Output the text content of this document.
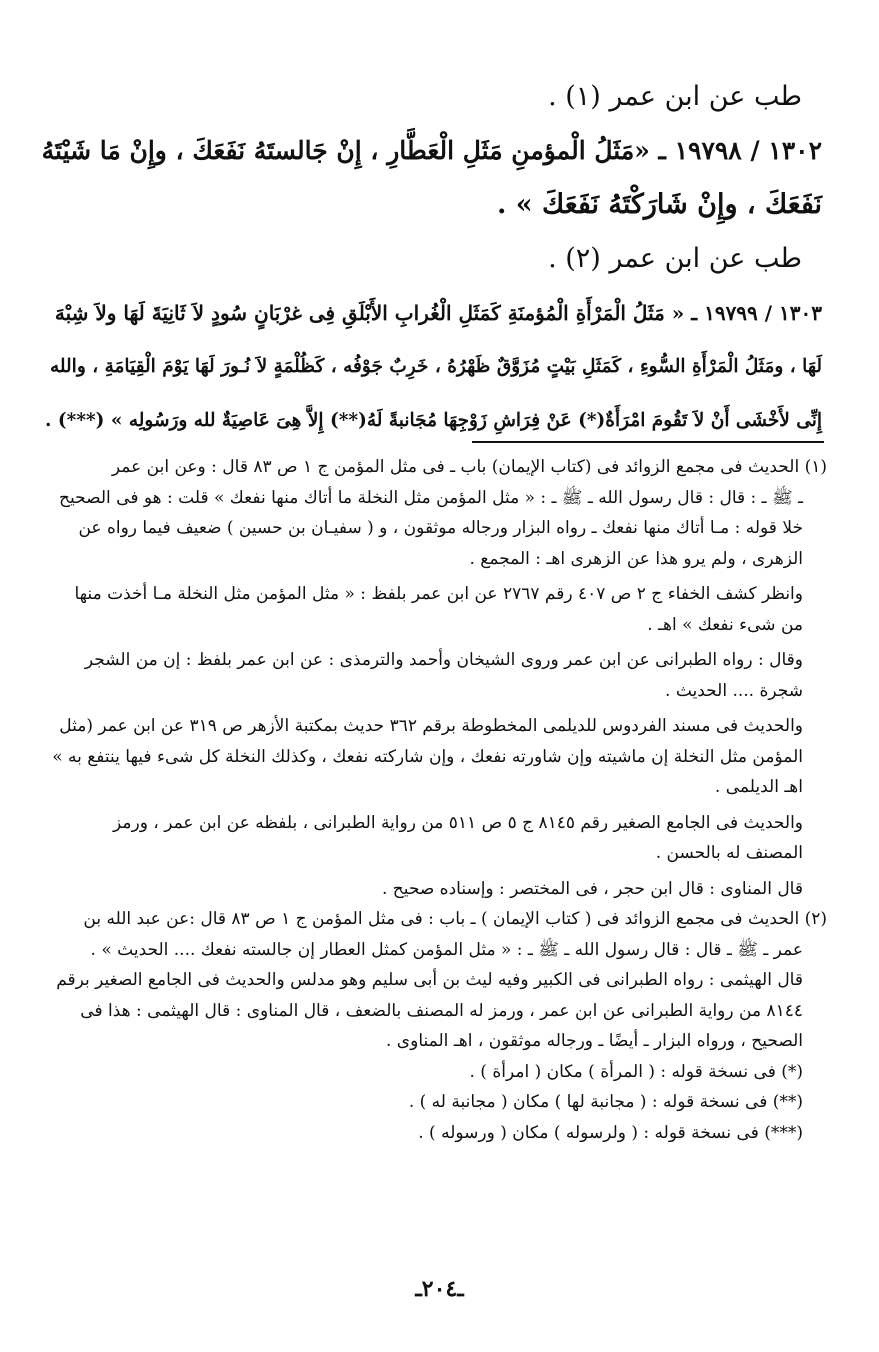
طب عن ابن عمر (١) .
١٣٠٢ / ١٩٧٩٨ ـ «مَثَلُ الْمؤمنِ مَثَلِ الْعَطَّارِ ، إِنْ جَالستَهُ نَفَعَكَ ، وإِنْ مَا شَيْتَهُ
نَفَعَكَ ، وإِنْ شَارَكْتَهُ نَفَعَكَ » .
طب عن ابن عمر (٢) .
١٣٠٣ / ١٩٧٩٩ ـ « مَثَلُ الْمَرْأَةِ الْمُؤمنَةِ كَمَثَلِ الْغُرابِ الأَبْلَقِ فِى غرْبَانٍ سُودٍ لاَ ثَانِيَةَ لَهَا ولاَ شِبْهَ
لَهَا ، ومَثَلُ الْمَرْأَةِ السُّوءِ ، كَمَثَلِ بَيْتٍ مُزَوَّقٌ ظَهْرُهُ ، خَرِبٌ جَوْفُه ، كَظُلْمَةٍ لاَ نُـورَ لَهَا يَوْمَ الْقِيَامَةِ ، والله
إِنِّى لأَخْشَى أَنْ لاَ تَقُومَ امْرَأَةٌ(*) عَنْ فِرَاشِ زَوْجِهَا مُجَانبةً لَهُ(**) إِلاَّ هِىَ عَاصِيَةٌ لله ورَسُولِه » (***) .
(١) الحديث فى مجمع الزوائد فى (كتاب الإيمان) باب ـ فى مثل المؤمن ج ١ ص ٨٣ قال : وعن ابن عمر
ـ ﷺ ـ : قال : قال رسول الله ـ ﷺ ـ : « مثل المؤمن مثل النخلة ما أتاك منها نفعك » قلت : هو فى الصحيح
خلا قوله : مـا أتاك منها نفعك ـ رواه البزار ورجاله موثقون ، و ( سفيـان بن حسين ) ضعيف فيما رواه عن
الزهرى ، ولم يرو هذا عن الزهرى اهـ : المجمع .
وانظر كشف الخفاء ج ٢ ص ٤٠٧ رقم ٢٧٦٧ عن ابن عمر بلفظ : « مثل المؤمن مثل النخلة مـا أخذت منها
من شىء نفعك » اهـ .
وقال : رواه الطبرانى عن ابن عمر وروى الشيخان وأحمد والترمذى : عن ابن عمر بلفظ : إن من الشجر
شجرة .... الحديث .
والحديث فى مسند الفردوس للديلمى المخطوطة برقم ٣٦٢ حديث بمكتبة الأزهر ص ٣١٩ عن ابن عمر (مثل
المؤمن مثل النخلة إن ماشيته وإن شاورته نفعك ، وإن شاركته نفعك ، وكذلك النخلة كل شىء فيها ينتفع به »
اهـ الديلمى .
والحديث فى الجامع الصغير رقم ٨١٤٥ ج ٥ ص ٥١١ من رواية الطبرانى ، بلفظه عن ابن عمر ، ورمز
المصنف له بالحسن .
قال المناوى : قال ابن حجر ، فى المختصر : وإسناده صحيح .
(٢) الحديث فى مجمع الزوائد فى ( كتاب الإيمان ) ـ باب : فى مثل المؤمن ج ١ ص ٨٣ قال :عن عبد الله بن
عمر ـ ﷺ ـ قال : قال رسول الله ـ ﷺ ـ : « مثل المؤمن كمثل العطار إن جالسته نفعك .... الحديث » .
قال الهيثمى : رواه الطبرانى فى الكبير وفيه ليث بن أبى سليم وهو مدلس والحديث فى الجامع الصغير برقم
٨١٤٤ من رواية الطبرانى عن ابن عمر ، ورمز له المصنف بالضعف ، قال المناوى : قال الهيثمى : هذا فى
الصحيح ، ورواه البزار ـ أيضًا ـ ورجاله موثقون ، اهـ المناوى .
(*) فى نسخة قوله : ( المرأة ) مكان ( امرأة ) .
(**) فى نسخة قوله : ( مجانبة لها ) مكان ( مجانبة له ) .
(***) فى نسخة قوله : ( ولرسوله ) مكان ( ورسوله ) .
ـ٢٠٤ـ
